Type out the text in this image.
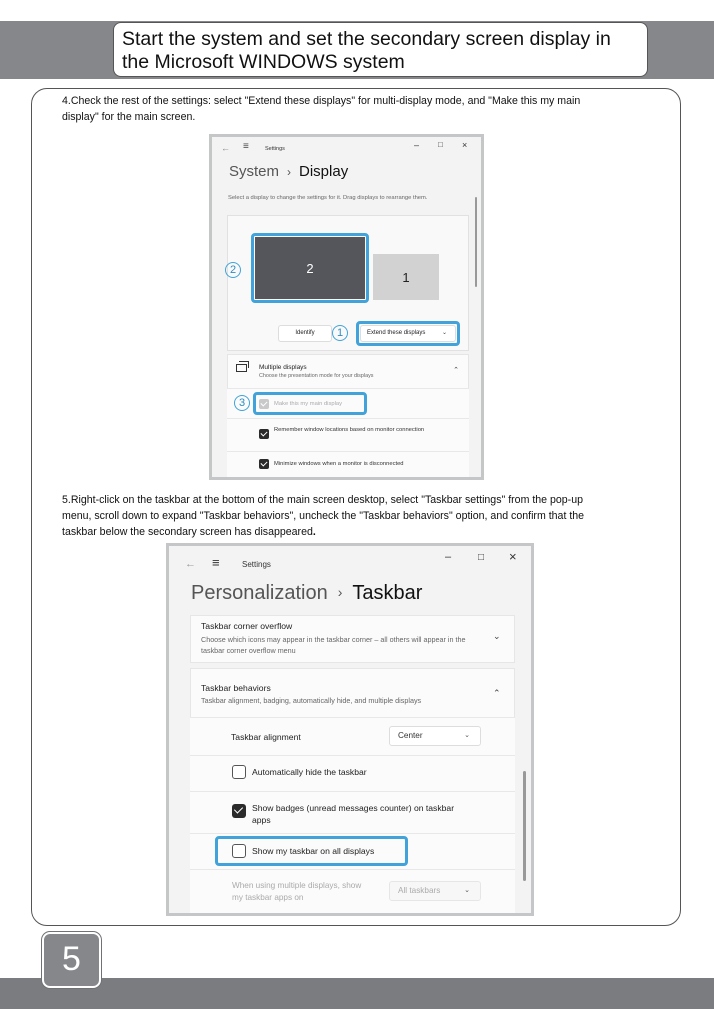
Start the system and set the secondary screen display in
the Microsoft WINDOWS system
4.Check the rest of the settings: select "Extend these displays" for multi-display mode, and "Make this my main
display" for the main screen.
← ≡	Settings	– □ ×
System › Display
Select a display to change the settings for it. Drag displays to rearrange them.
2
1
2
Identify	1	Extend these displays	⌄
Multiple displays
Choose the presentation mode for your displays
⌃
3	Make this my main display
Remember window locations based on monitor connection
Minimize windows when a monitor is disconnected
5.Right-click on the taskbar at the bottom of the main screen desktop, select "Taskbar settings" from the pop-up
menu, scroll down to expand "Taskbar behaviors", uncheck the "Taskbar behaviors" option, and confirm that the
taskbar below the secondary screen has disappeared.
← ≡	Settings
–	□ ×
Personalization › Taskbar
Taskbar corner overflow
Choose which icons may appear in the taskbar corner – all others will appear in the taskbar corner overflow menu
⌄
Taskbar behaviors
Taskbar alignment, badging, automatically hide, and multiple displays
⌃
Taskbar alignment	Center	⌄
Automatically hide the taskbar
Show badges (unread messages counter) on taskbar apps
Show my taskbar on all displays
When using multiple displays, show my taskbar apps on
All taskbars	⌄
5
